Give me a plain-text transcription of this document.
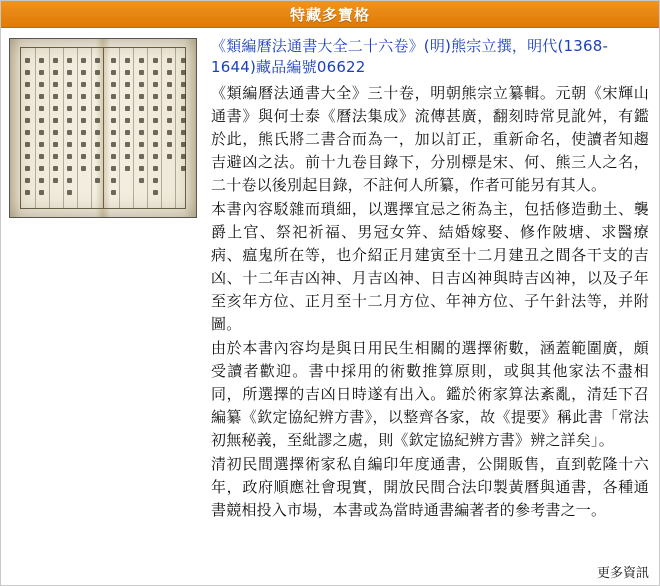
特藏多寶格
《類編曆法通書大全二十六卷》(明)熊宗立撰，明代(1368-1644)藏品編號06622

《類編曆法通書大全》三十卷，明朝熊宗立纂輯。元朝《宋輝山通書》與何士泰《曆法集成》流傳甚廣，翻刻時常見訛舛，有鑑於此，熊氏將二書合而為一，加以訂正，重新命名，使讀者知趨吉避凶之法。前十九卷目錄下，分別標是宋、何、熊三人之名，二十卷以後別起目錄，不註何人所纂，作者可能另有其人。

本書內容駁雜而瑣細，以選擇宜忌之術為主，包括修造動土、襲爵上官、祭祀祈福、男冠女笄、結婚嫁娶、修作陂塘、求醫療病、瘟鬼所在等，也介紹正月建寅至十二月建丑之間各干支的吉凶、十二年吉凶神、月吉凶神、日吉凶神與時吉凶神，以及子年至亥年方位、正月至十二月方位、年神方位、子午針法等，并附圖。

由於本書內容均是與日用民生相關的選擇術數，涵蓋範圍廣，頗受讀者歡迎。書中採用的術數推算原則，或與其他家法不盡相同，所選擇的吉凶日時遂有出入。鑑於術家算法紊亂，清廷下召編纂《欽定協紀辨方書》，以整齊各家，故《提要》稱此書「常法初無秘義，至紕謬之處，則《欽定協紀辨方書》辨之詳矣」。

清初民間選擇術家私自編印年度通書，公開販售，直到乾隆十六年，政府順應社會現實，開放民間合法印製黃曆與通書，各種通書競相投入市場，本書或為當時通書編著者的參考書之一。

更多資訊
